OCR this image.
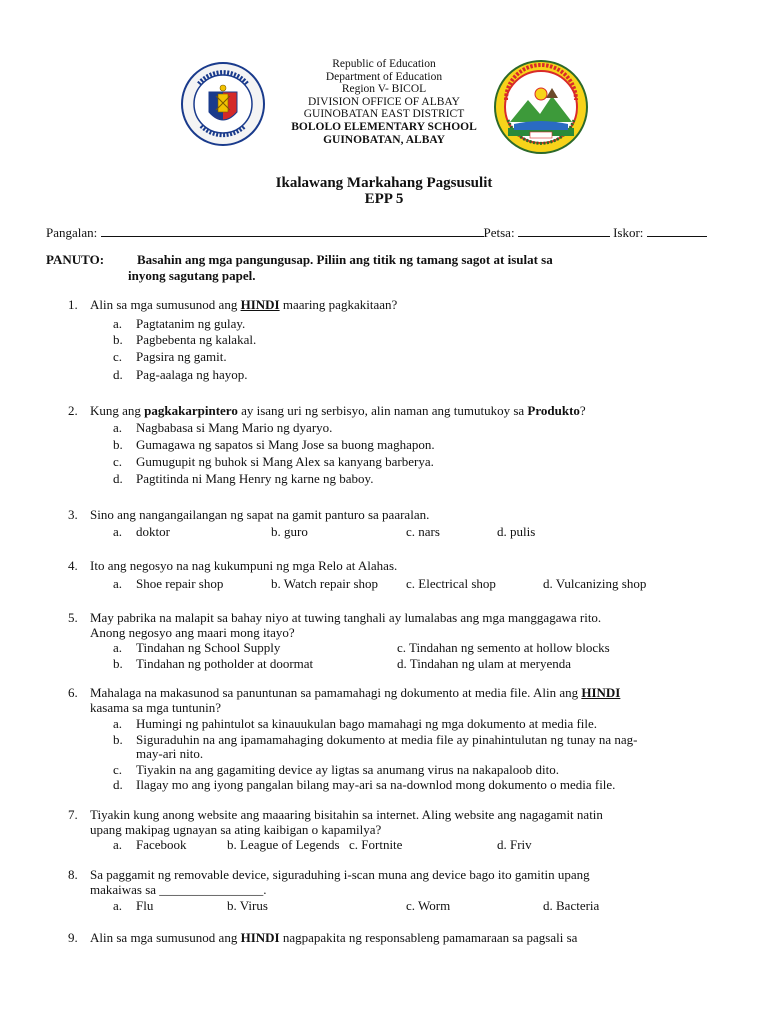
Republic of Education
Department of Education
Region V- BICOL
DIVISION OFFICE OF ALBAY
GUINOBATAN EAST DISTRICT
BOLOLO ELEMENTARY SCHOOL
GUINOBATAN, ALBAY
Ikalawang Markahang Pagsusulit
EPP 5
Pangalan:	Petsa:	Iskor:
PANUTO:	Basahin ang mga pangungusap. Piliin ang titik ng tamang sagot at isulat sa
inyong sagutang papel.
1. Alin sa mga sumusunod ang HINDI maaring pagkakitaan?
a. Pagtatanim ng gulay.
b. Pagbebenta ng kalakal.
c. Pagsira ng gamit.
d. Pag-aalaga ng hayop.
2. Kung ang pagkakarpintero ay isang uri ng serbisyo, alin naman ang tumutukoy sa Produkto?
a. Nagbabasa si Mang Mario ng dyaryo.
b. Gumagawa ng sapatos si Mang Jose sa buong maghapon.
c. Gumugupit ng buhok si Mang Alex sa kanyang barberya.
d. Pagtitinda ni Mang Henry ng karne ng baboy.
3. Sino ang nangangailangan ng sapat na gamit panturo sa paaralan.
a. doktor	b. guro	c. nars	d. pulis
4. Ito ang negosyo na nag kukumpuni ng mga Relo at Alahas.
a. Shoe repair shop	b. Watch repair shop c. Electrical shop	d. Vulcanizing shop
5. May pabrika na malapit sa bahay niyo at tuwing tanghali ay lumalabas ang mga manggagawa rito.
Anong negosyo ang maari mong itayo?
a. Tindahan ng School Supply	c. Tindahan ng semento at hollow blocks
b. Tindahan ng potholder at doormat	d. Tindahan ng ulam at meryenda
6. Mahalaga na makasunod sa panuntunan sa pamamahagi ng dokumento at media file. Alin ang HINDI
kasama sa mga tuntunin?
a. Humingi ng pahintulot sa kinauukulan bago mamahagi ng mga dokumento at media file.
b. Siguraduhin na ang ipamamahaging dokumento at media file ay pinahintulutan ng tunay na nag-
may-ari nito.
c. Tiyakin na ang gagamiting device ay ligtas sa anumang virus na nakapaloob dito.
d. Ilagay mo ang iyong pangalan bilang may-ari sa na-downlod mong dokumento o media file.
7. Tiyakin kung anong website ang maaaring bisitahin sa internet. Aling website ang nagagamit natin
upang makipag ugnayan sa ating kaibigan o kapamilya?
a. Facebook	b. League of Legends c. Fortnite	d. Friv
8. Sa paggamit ng removable device, siguraduhing i-scan muna ang device bago ito gamitin upang
makaiwas sa ________________.
a. Flu	b. Virus	c. Worm	d. Bacteria
9. Alin sa mga sumusunod ang HINDI nagpapakita ng responsableng pamamaraan sa pagsali sa
